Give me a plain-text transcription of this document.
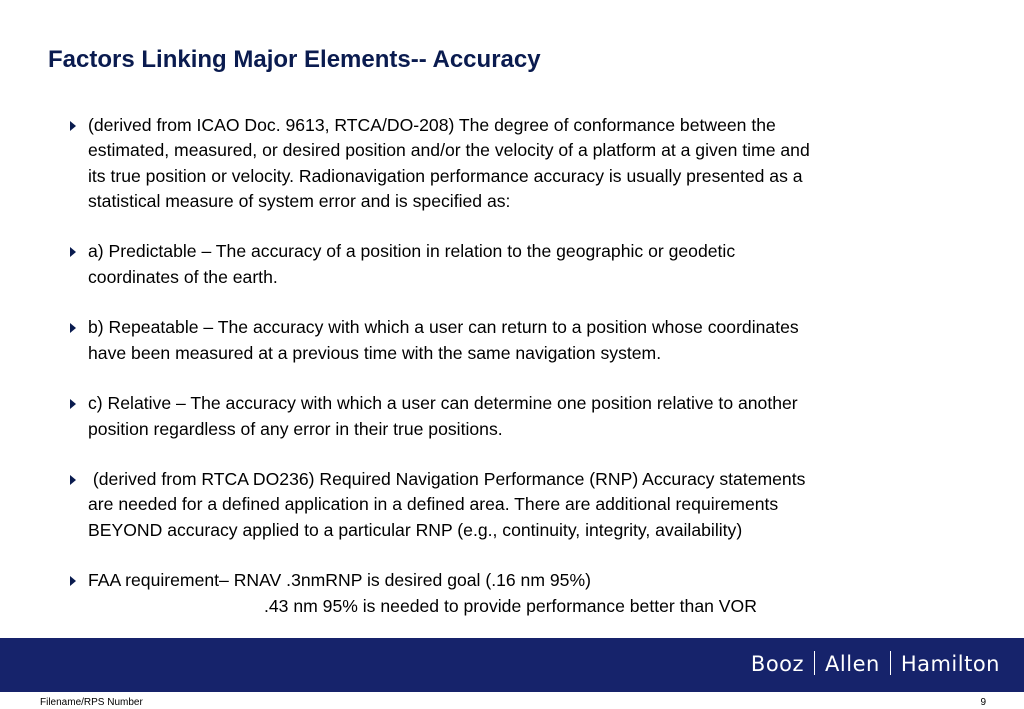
Factors Linking Major Elements-- Accuracy
(derived from ICAO Doc. 9613, RTCA/DO-208) The degree of conformance between the
estimated, measured, or desired position and/or the velocity of a platform at a given time and
its true position or velocity. Radionavigation performance accuracy is usually presented as a
statistical measure of system error and is specified as:
a) Predictable – The accuracy of a position in relation to the geographic or geodetic
coordinates of the earth.
b) Repeatable – The accuracy with which a user can return to a position whose coordinates
have been measured at a previous time with the same navigation system.
c) Relative – The accuracy with which a user can determine one position relative to another
position regardless of any error in their true positions.
(derived from RTCA DO236) Required Navigation Performance (RNP) Accuracy statements
are needed for a defined application in a defined area. There are additional requirements
BEYOND accuracy applied to a particular RNP (e.g., continuity, integrity, availability)
FAA requirement– RNAV .3nmRNP is desired goal (.16 nm 95%)
.43 nm 95% is needed to provide performance better than VOR
Booz Allen Hamilton
Filename/RPS Number	9
